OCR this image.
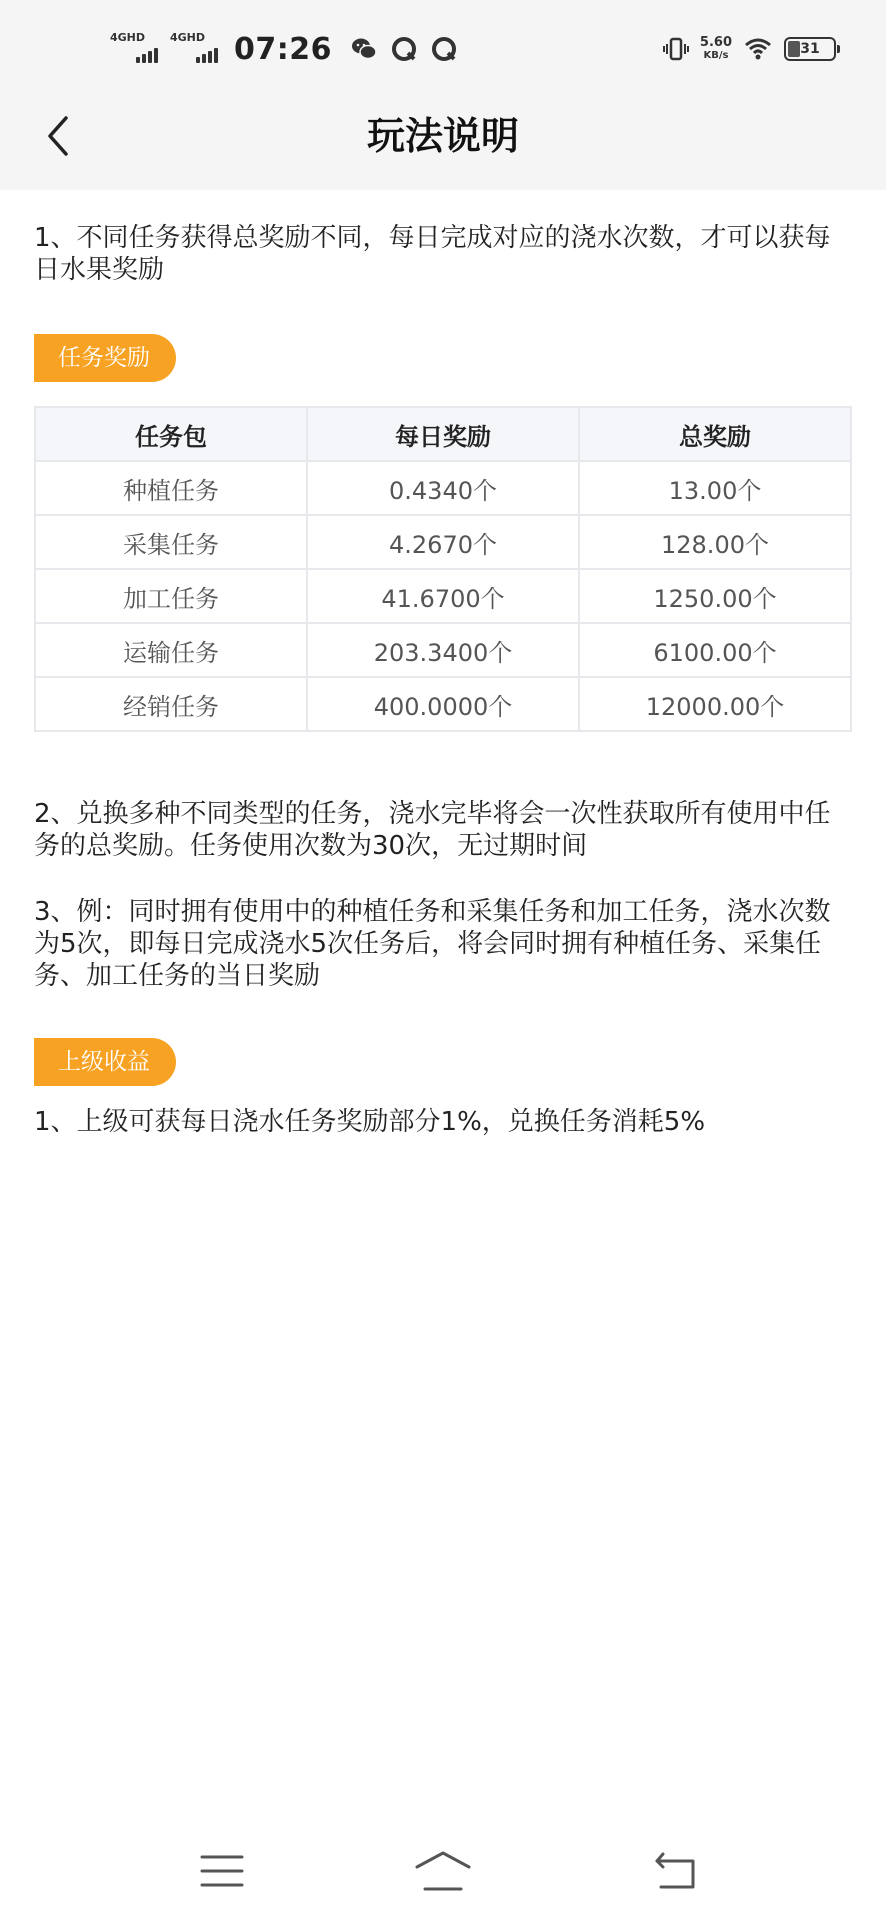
4GHD 4GHD 07:26	5.60
KB/s	31
玩法说明

1、不同任务获得总奖励不同，每日完成对应的浇水次数，才可以获每日水果奖励

任务奖励
任务包	每日奖励	总奖励
种植任务	0.4340个	13.00个
采集任务	4.2670个	128.00个
加工任务	41.6700个	1250.00个
运输任务	203.3400个	6100.00个
经销任务	400.0000个	12000.00个

2、兑换多种不同类型的任务，浇水完毕将会一次性获取所有使用中任务的总奖励。任务使用次数为30次，无过期时间

3、例：同时拥有使用中的种植任务和采集任务和加工任务，浇水次数为5次，即每日完成浇水5次任务后，将会同时拥有种植任务、采集任务、加工任务的当日奖励

上级收益

1、上级可获每日浇水任务奖励部分1%，兑换任务消耗5%
